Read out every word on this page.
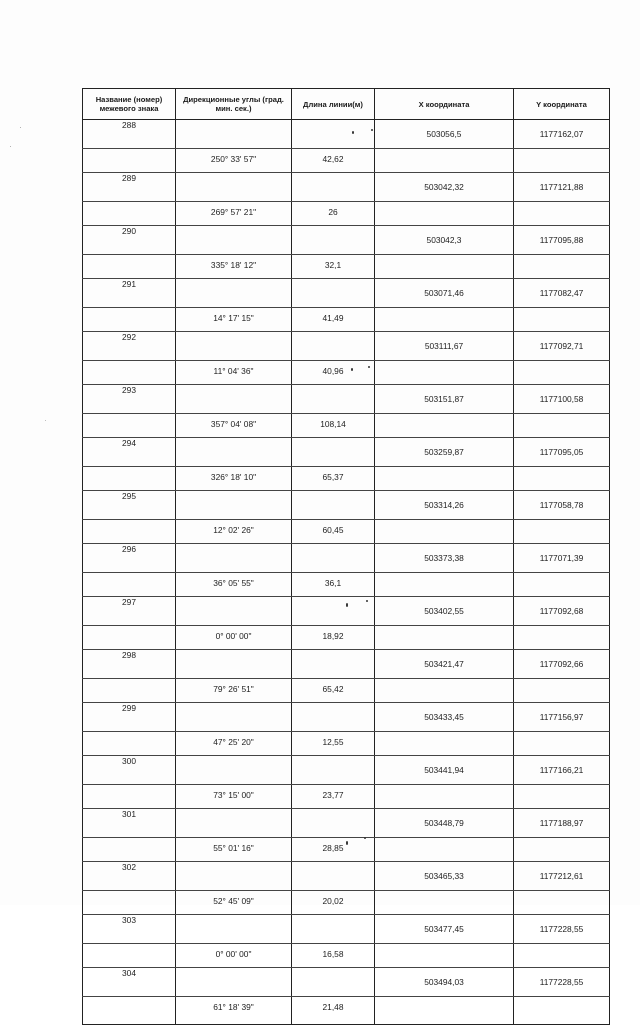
Название (номер) межевого знака	Дирекционные углы (град. мин. сек.)	Длина линии(м)	X координата	Y координата
288			503056,5	1177162,07
	250° 33' 57"	42,62		
289			503042,32	1177121,88
	269° 57' 21"	26		
290			503042,3	1177095,88
	335° 18' 12"	32,1		
291			503071,46	1177082,47
	14° 17' 15"	41,49		
292			503111,67	1177092,71
	11° 04' 36"	40,96		
293			503151,87	1177100,58
	357° 04' 08"	108,14		
294			503259,87	1177095,05
	326° 18' 10"	65,37		
295			503314,26	1177058,78
	12° 02' 26"	60,45		
296			503373,38	1177071,39
	36° 05' 55"	36,1		
297			503402,55	1177092,68
	0° 00' 00"	18,92		
298			503421,47	1177092,66
	79° 26' 51"	65,42		
299			503433,45	1177156,97
	47° 25' 20"	12,55		
300			503441,94	1177166,21
	73° 15' 00"	23,77		
301			503448,79	1177188,97
	55° 01' 16"	28,85		
302			503465,33	1177212,61
	52° 45' 09"	20,02		
303			503477,45	1177228,55
	0° 00' 00"	16,58		
304			503494,03	1177228,55
	61° 18' 39"	21,48		
